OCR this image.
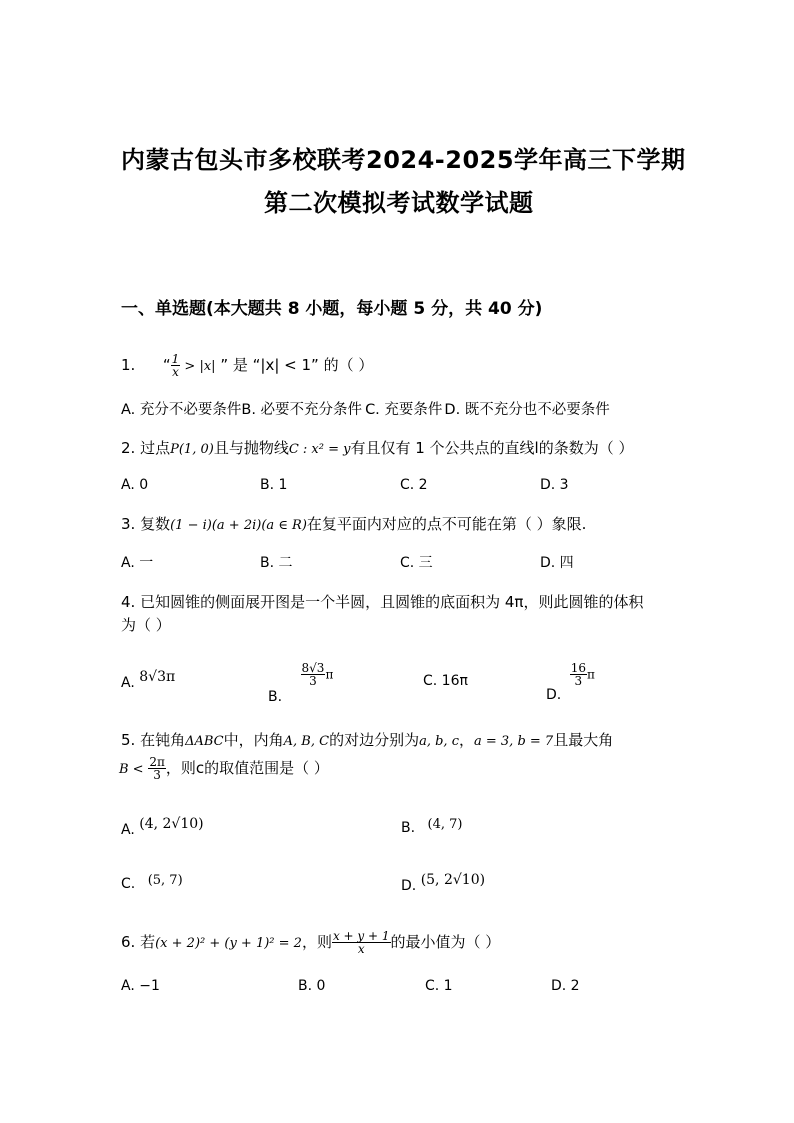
内蒙古包头市多校联考2024-2025学年高三下学期
第二次模拟考试数学试题
一、单选题(本大题共 8 小题，每小题 5 分，共 40 分)
1. “ $\frac{1}{x} > |x|$ ” 是 “|x| < 1” 的（ ）
A. 充分不必要条件B. 必要不充分条件 C. 充要条件 D. 既不充分也不必要条件
2. 过点P(1, 0)且与抛物线C : x² = y有且仅有 1 个公共点的直线l的条数为（ ）
A. 0	B. 1	C. 2	D. 3
3. 复数(1 − i)(a + 2i)(a ∈ R)在复平面内对应的点不可能在第（ ）象限.
A. 一	B. 二	C. 三	D. 四
4. 已知圆锥的侧面展开图是一个半圆，且圆锥的底面积为 4π，则此圆锥的体积
为（ ）
A. 8√3π
B.
$\frac{8√3}{3}$ π	C. 16π
D.
$\frac{16}{3}$ π
5. 在钝角ΔABC中，内角A, B, C的对边分别为a, b, c，a = 3, b = 7且最大角
$B < \frac{2\pi}{3}$ ，则c的取值范围是（ ）
A. (4, 2√10)	B. (4, 7)
C. (5, 7)	D. (5, 2√10)
6. 若(x + 2)² + (y + 1)² = 2，则 $\frac{x + y + 1}{x}$ 的最小值为（ ）
A. −1	B. 0	C. 1	D. 2
